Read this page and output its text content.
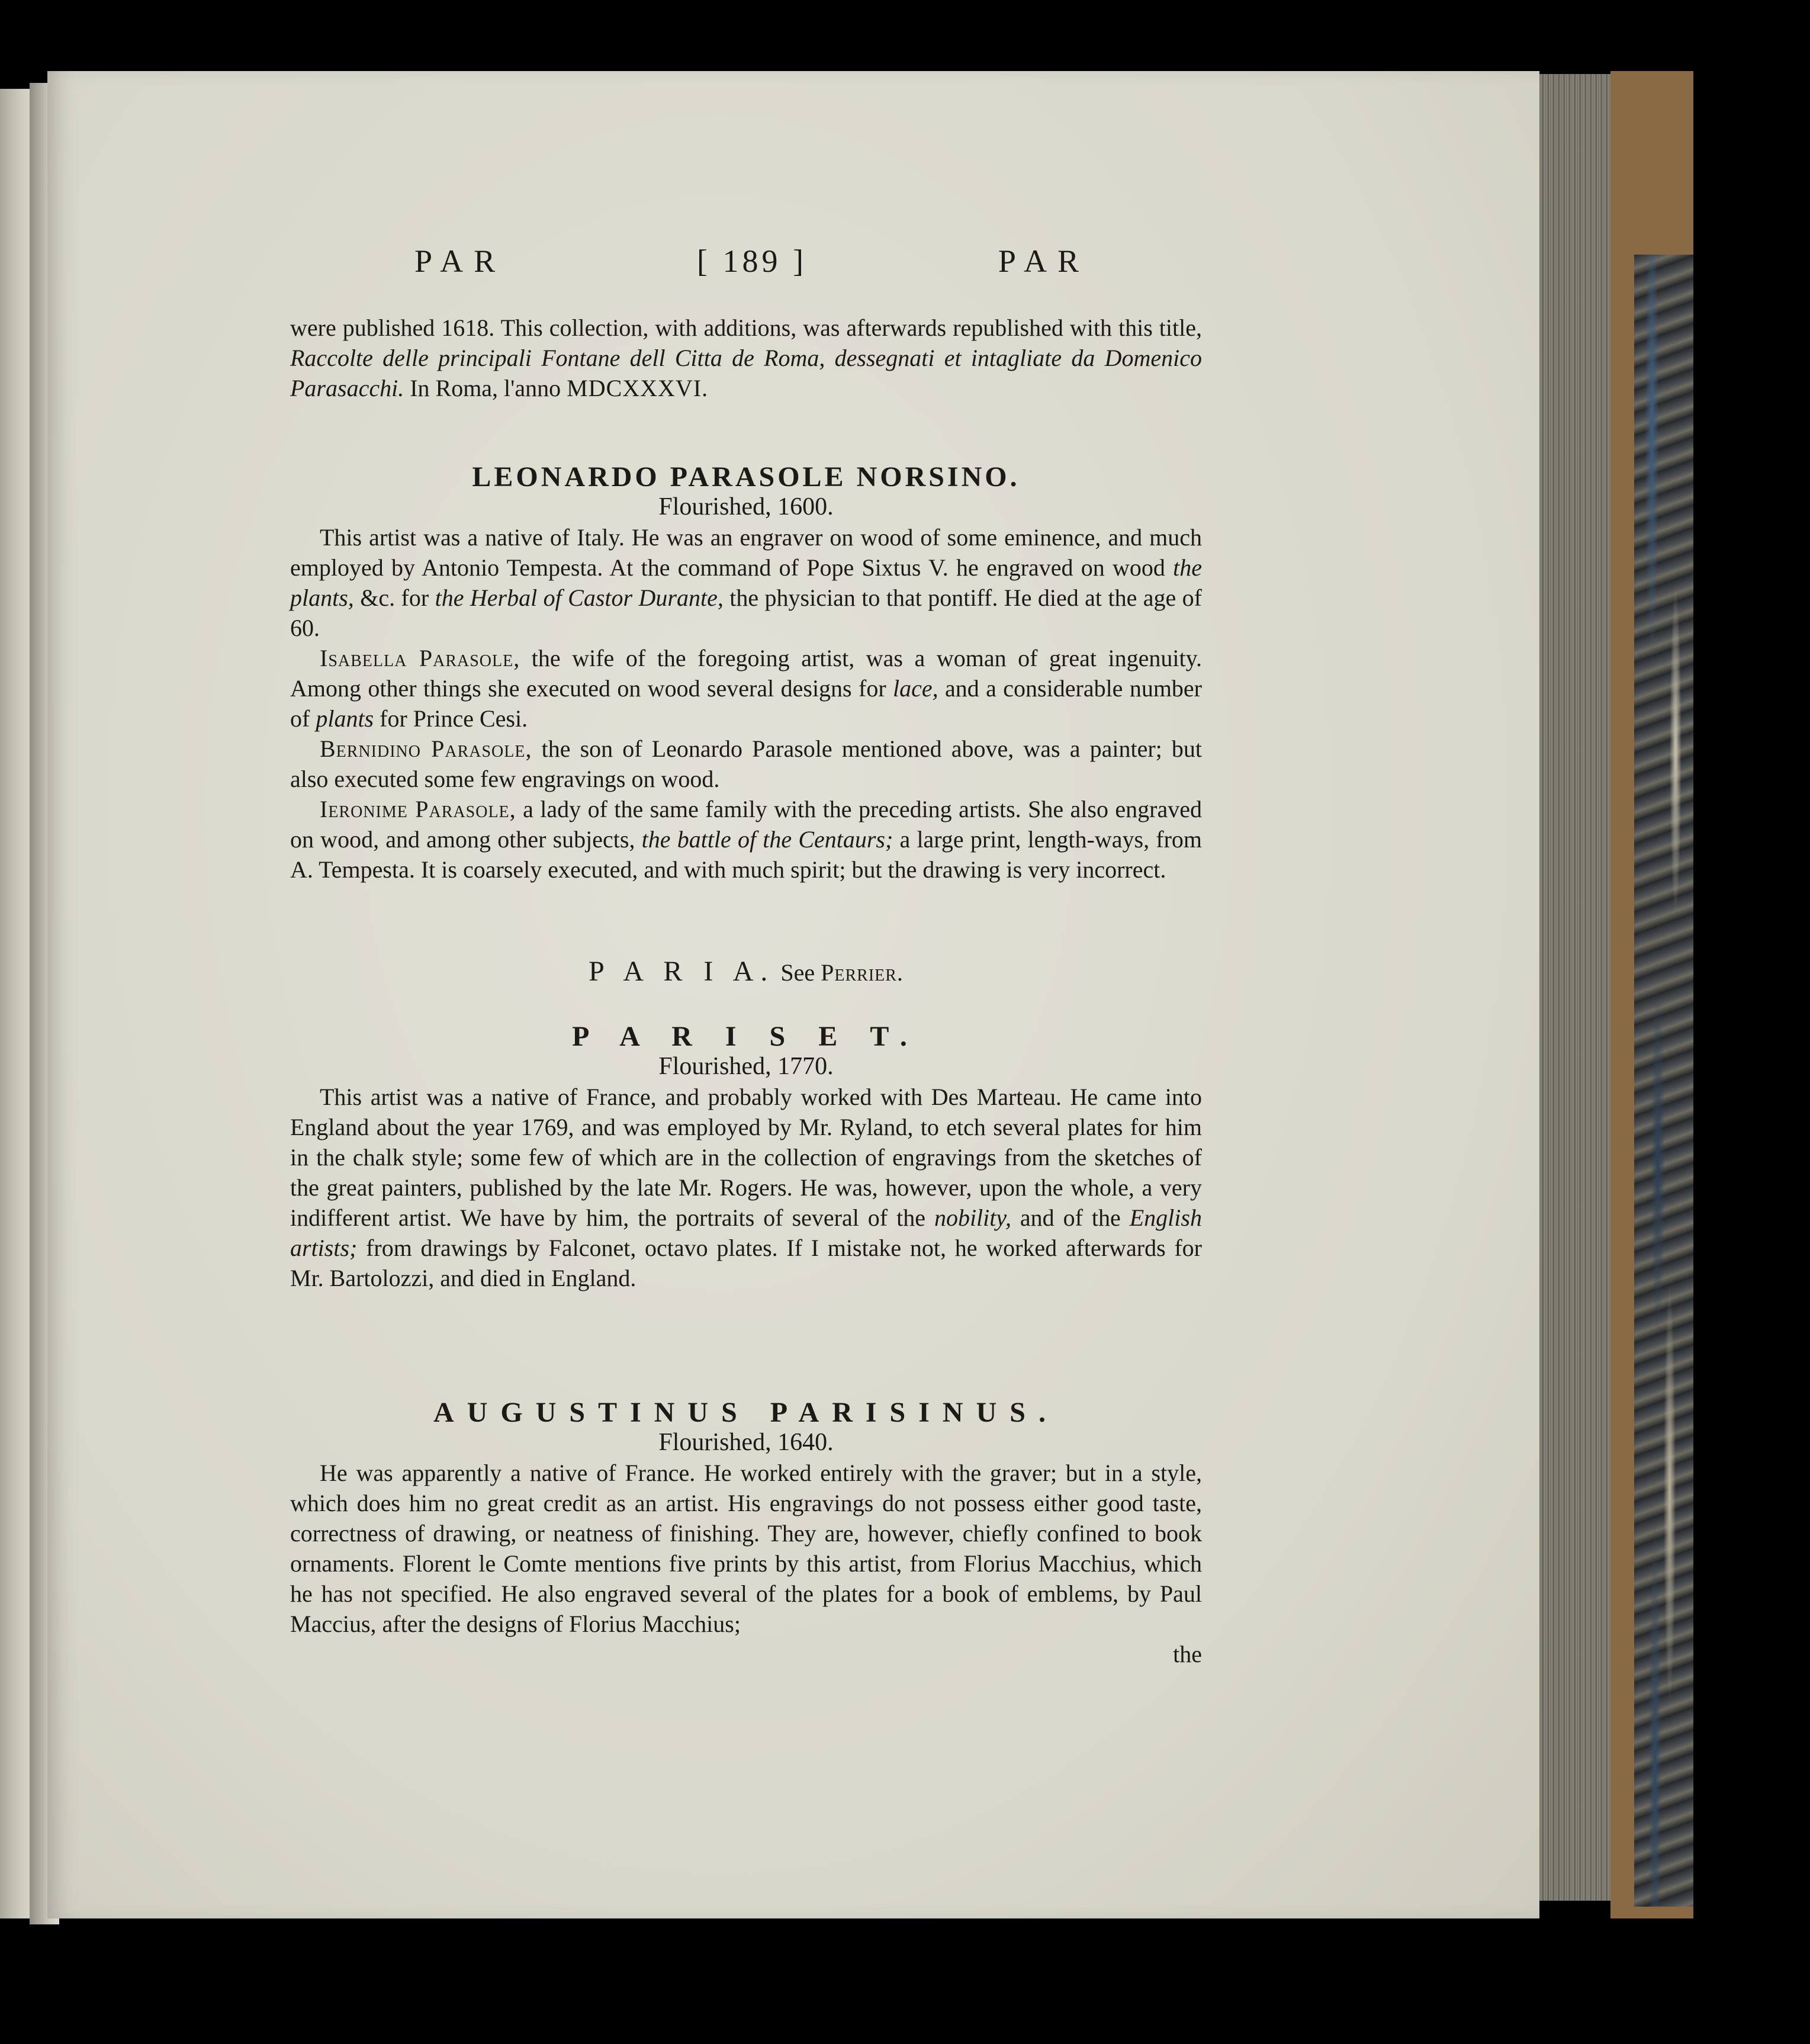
PAR	[ 189 ]	PAR

were published 1618. This collection, with additions, was afterwards republished with this title, Raccolte delle principali Fontane dell Citta de Roma, dessegnati et intagliate da Domenico Parasacchi. In Roma, l'anno MDCXXXVI.

LEONARDO PARASOLE NORSINO.
Flourished, 1600.

This artist was a native of Italy. He was an engraver on wood of some eminence, and much employed by Antonio Tempesta. At the command of Pope Sixtus V. he engraved on wood the plants, &c. for the Herbal of Castor Durante, the physician to that pontiff. He died at the age of 60.

Isabella Parasole, the wife of the foregoing artist, was a woman of great ingenuity. Among other things she executed on wood several designs for lace, and a considerable number of plants for Prince Cesi.

Bernidino Parasole, the son of Leonardo Parasole mentioned above, was a painter; but also executed some few engravings on wood.

Ieronime Parasole, a lady of the same family with the preceding artists. She also engraved on wood, and among other subjects, the battle of the Centaurs; a large print, length-ways, from A. Tempesta. It is coarsely executed, and with much spirit; but the drawing is very incorrect.

P A R I A. See Perrier.
P A R I S E T.
Flourished, 1770.

This artist was a native of France, and probably worked with Des Marteau. He came into England about the year 1769, and was employed by Mr. Ryland, to etch several plates for him in the chalk style; some few of which are in the collection of engravings from the sketches of the great painters, published by the late Mr. Rogers. He was, however, upon the whole, a very indifferent artist. We have by him, the portraits of several of the nobility, and of the English artists; from drawings by Falconet, octavo plates. If I mistake not, he worked afterwards for Mr. Bartolozzi, and died in England.

AUGUSTINUS PARISINUS.
Flourished, 1640.

He was apparently a native of France. He worked entirely with the graver; but in a style, which does him no great credit as an artist. His engravings do not possess either good taste, correctness of drawing, or neatness of finishing. They are, however, chiefly confined to book ornaments. Florent le Comte mentions five prints by this artist, from Florius Macchius, which he has not specified. He also engraved several of the plates for a book of emblems, by Paul Maccius, after the designs of Florius Macchius;

the
